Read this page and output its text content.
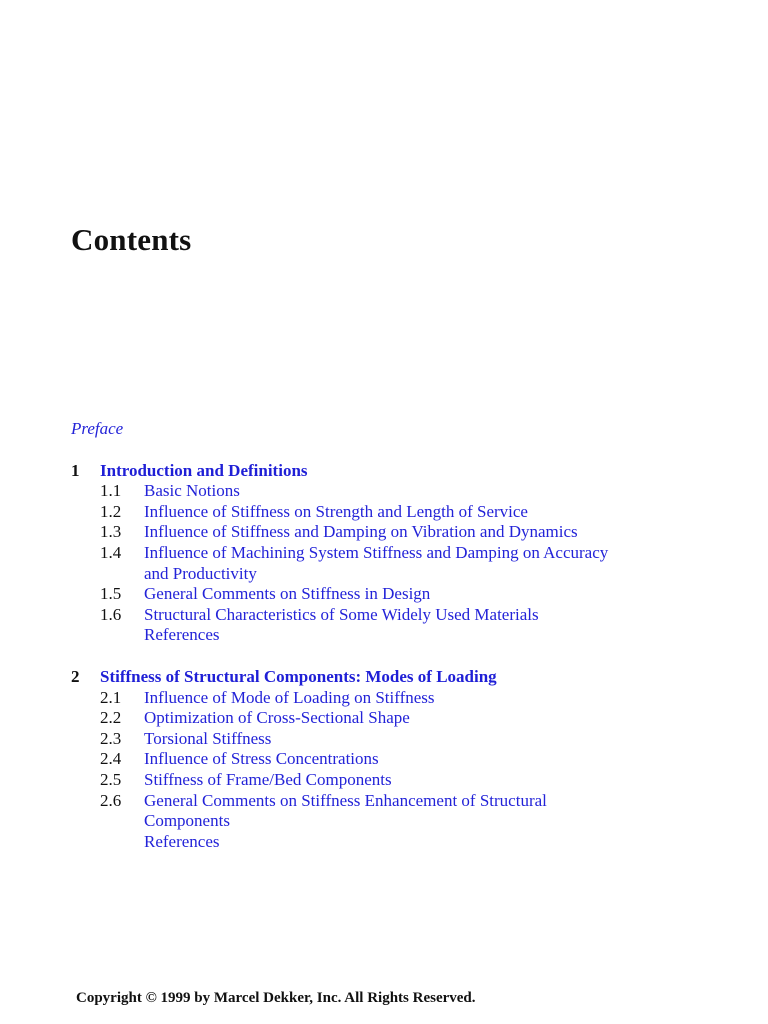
Contents
Preface
1	Introduction and Definitions
1.1	Basic Notions
1.2	Influence of Stiffness on Strength and Length of Service
1.3	Influence of Stiffness and Damping on Vibration and Dynamics
1.4	Influence of Machining System Stiffness and Damping on Accuracy and Productivity
1.5	General Comments on Stiffness in Design
1.6	Structural Characteristics of Some Widely Used Materials
References
2	Stiffness of Structural Components: Modes of Loading
2.1	Influence of Mode of Loading on Stiffness
2.2	Optimization of Cross-Sectional Shape
2.3	Torsional Stiffness
2.4	Influence of Stress Concentrations
2.5	Stiffness of Frame/Bed Components
2.6	General Comments on Stiffness Enhancement of Structural Components
References

Copyright © 1999 by Marcel Dekker, Inc. All Rights Reserved.
